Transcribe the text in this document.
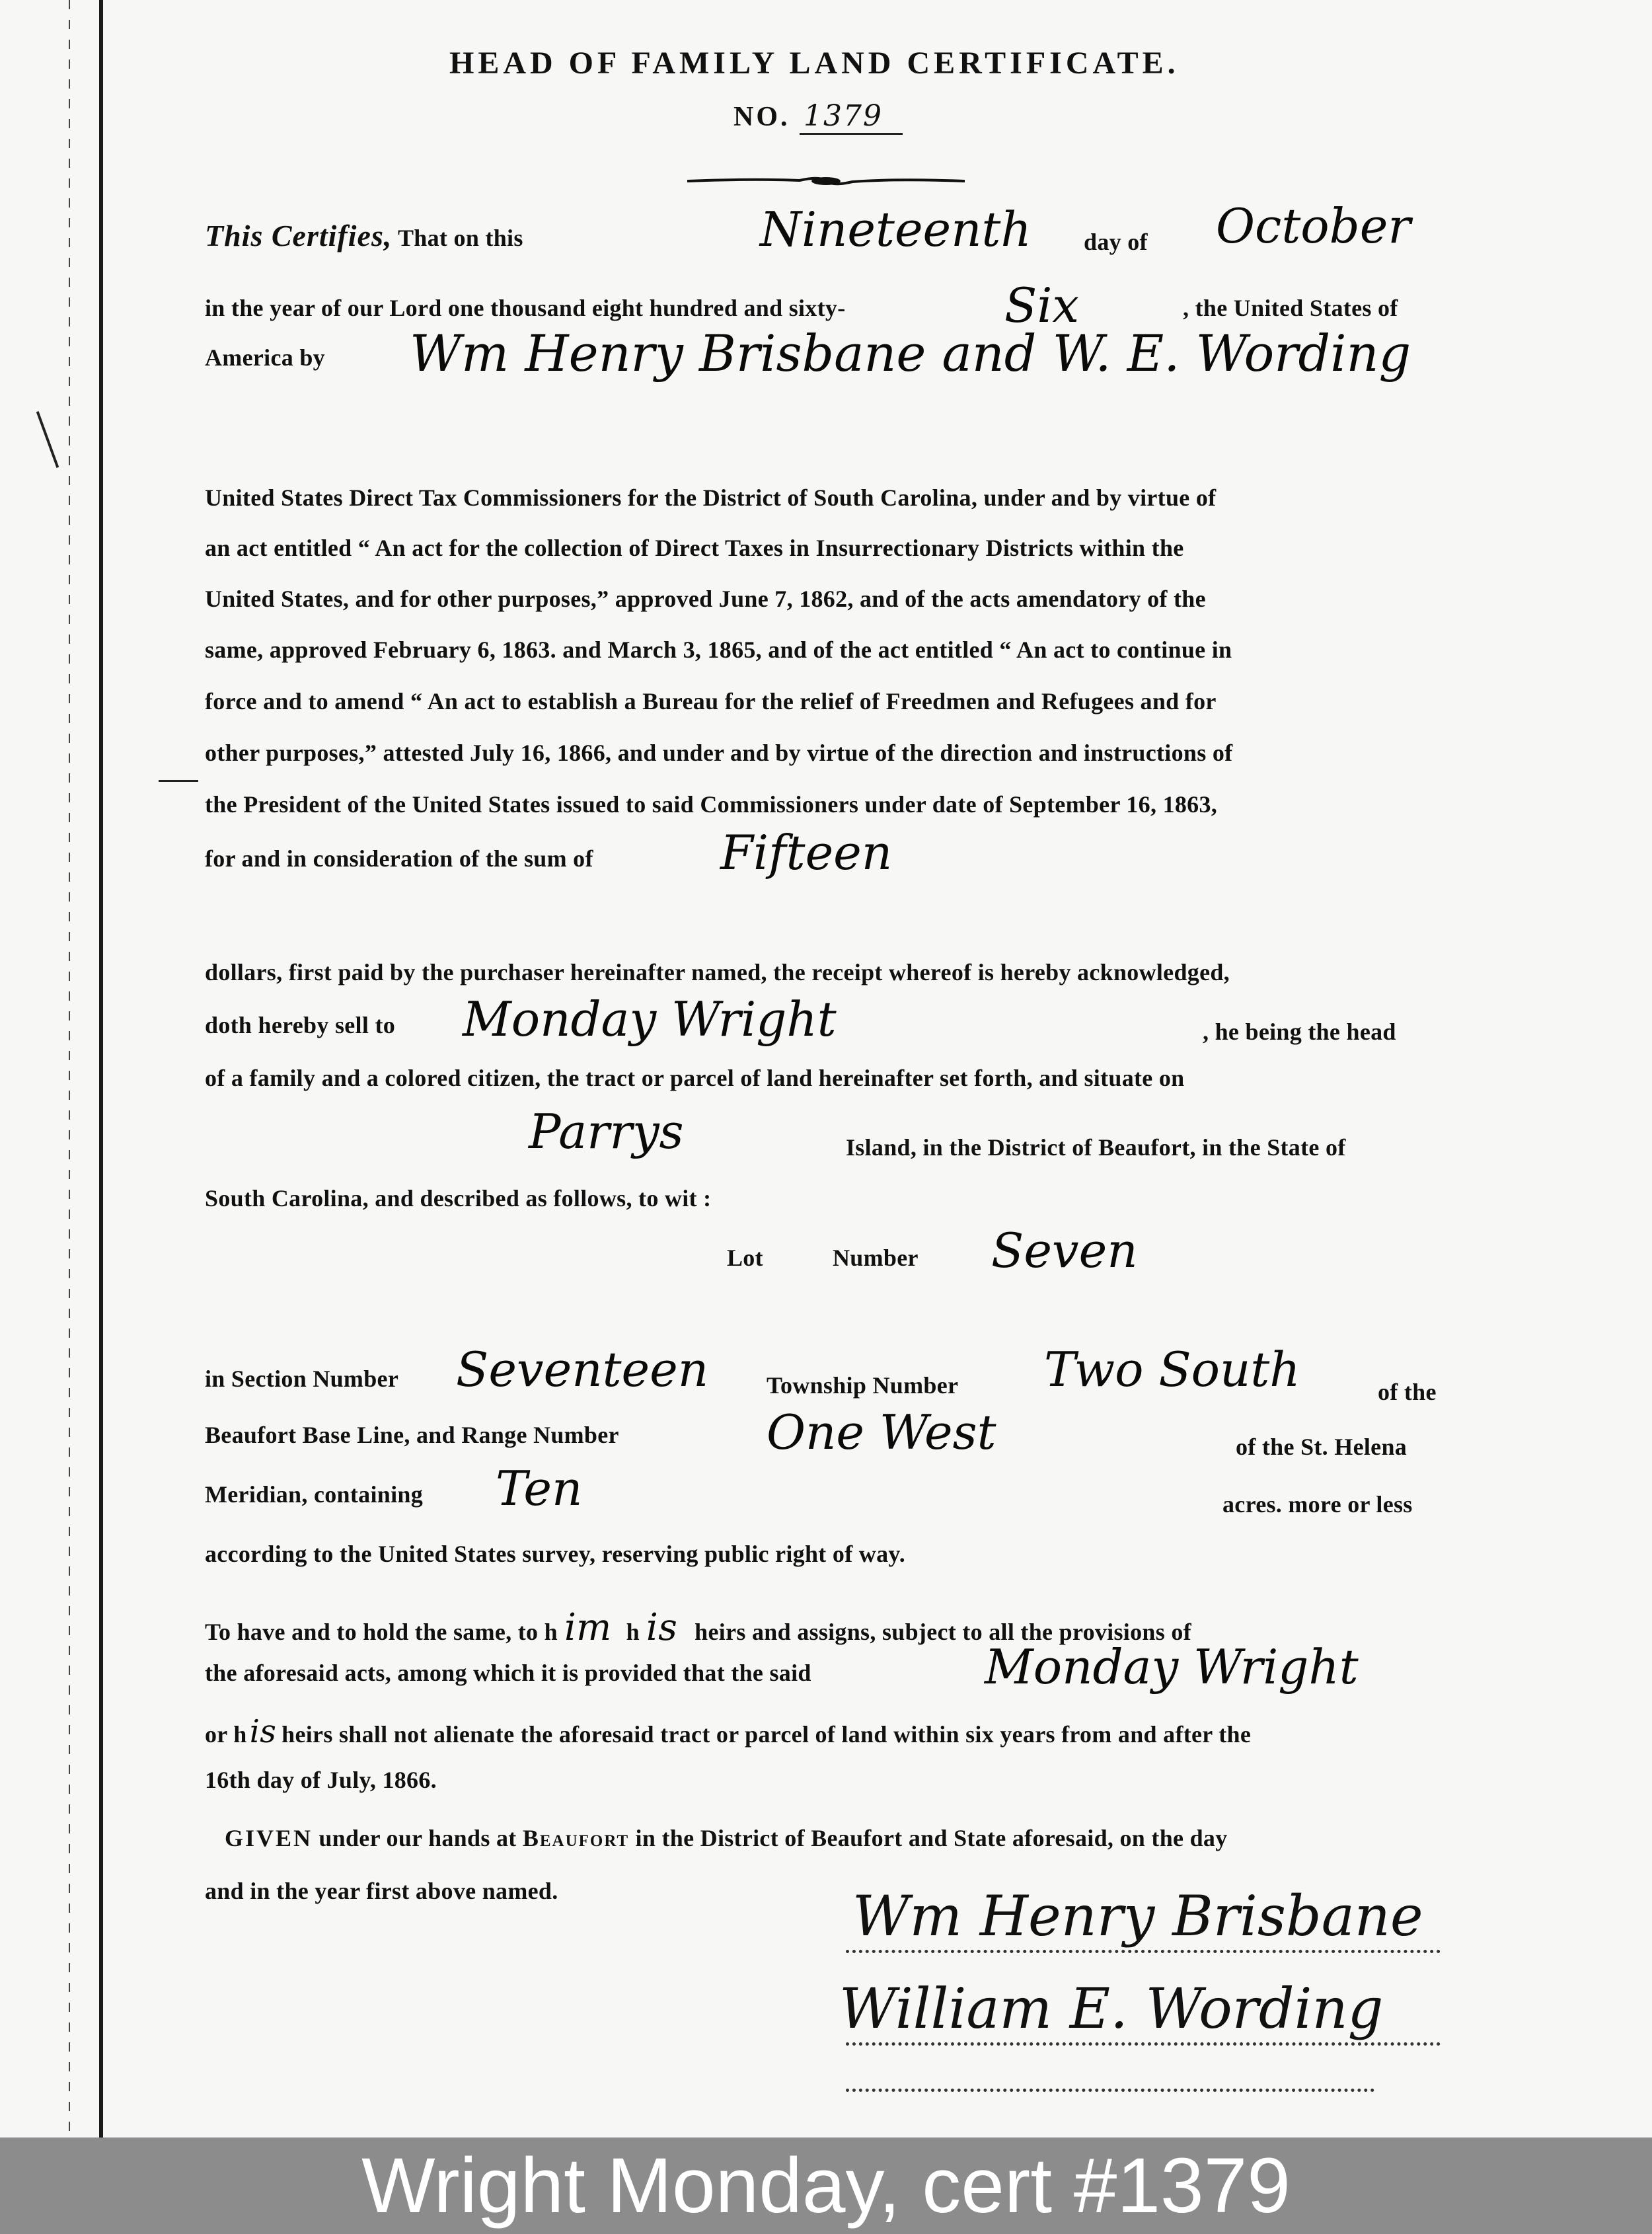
HEAD OF FAMILY LAND CERTIFICATE.
NO. 1379
This Certifies, That on this	Nineteenth day of October
in the year of our Lord one thousand eight hundred and sixty-	Six	, the United States of
America by Wm Henry Brisbane and W. E. Wording
United States Direct Tax Commissioners for the District of South Carolina, under and by virtue of
an act entitled “ An act for the collection of Direct Taxes in Insurrectionary Districts within the
United States, and for other purposes,” approved June 7, 1862, and of the acts amendatory of the
same, approved February 6, 1863. and March 3, 1865, and of the act entitled “ An act to continue in
force and to amend “ An act to establish a Bureau for the relief of Freedmen and Refugees and for
other purposes,” attested July 16, 1866, and under and by virtue of the direction and instructions of
the President of the United States issued to said Commissioners under date of September 16, 1863,
for and in consideration of the sum of	Fifteen
dollars, first paid by the purchaser hereinafter named, the receipt whereof is hereby acknowledged,
doth hereby sell to Monday Wright	, he being the head
of a family and a colored citizen, the tract or parcel of land hereinafter set forth, and situate on
Parrys	Island, in the District of Beaufort, in the State of
South Carolina, and described as follows, to wit :
Lot	Number Seven
in Section Number Seventeen Township Number Two South	of the
Beaufort Base Line, and Range Number	One West	of the St. Helena
Meridian, containing Ten	acres. more or less
according to the United States survey, reserving public right of way.
To have and to hold the same, to h im h is heirs and assigns, subject to all the provisions of
the aforesaid acts, among which it is provided that the said	Monday Wright
or his heirs shall not alienate the aforesaid tract or parcel of land within six years from and after the
16th day of July, 1866.
GIVEN under our hands at Beaufort in the District of Beaufort and State aforesaid, on the day
and in the year first above named.	Wm Henry Brisbane
William E. Wording
Wright Monday, cert #1379
